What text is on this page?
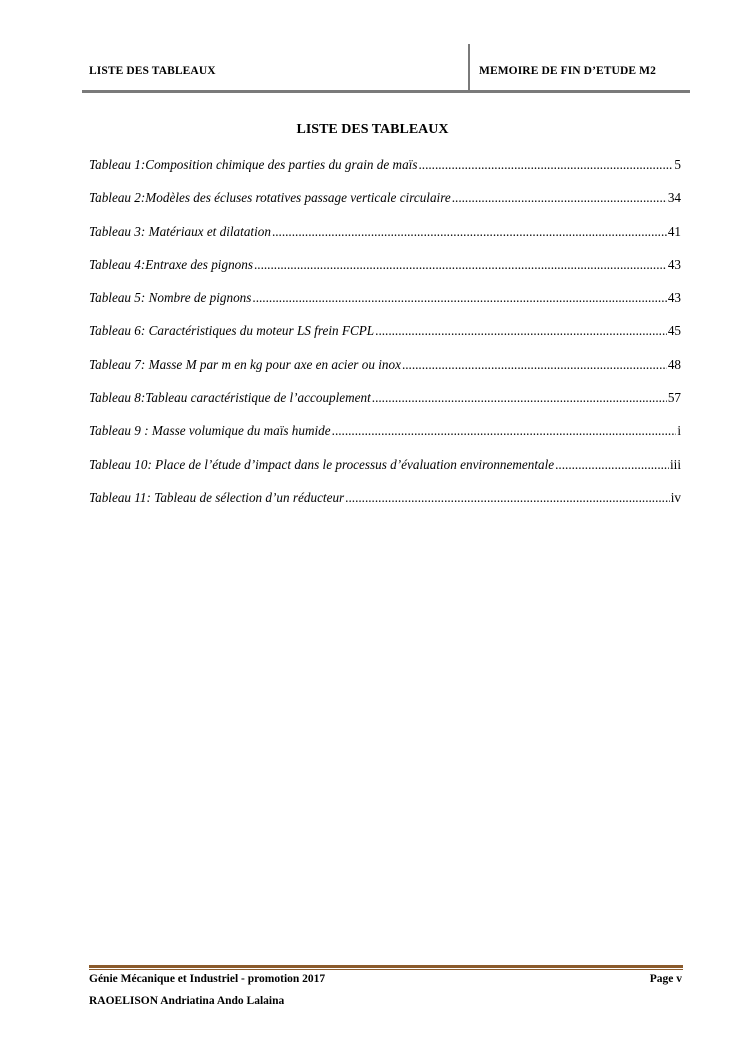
LISTE DES TABLEAUX	MEMOIRE DE FIN D’ETUDE M2
LISTE DES TABLEAUX
Tableau 1:Composition chimique des parties du grain de maïs .....	5
Tableau 2:Modèles des écluses rotatives passage verticale circulaire .....	34
Tableau 3: Matériaux et dilatation .....	41
Tableau 4:Entraxe des pignons .....	43
Tableau 5: Nombre de pignons .....	43
Tableau 6: Caractéristiques du moteur LS frein FCPL .....	45
Tableau 7: Masse M par m en kg pour axe en acier ou inox .....	48
Tableau 8:Tableau caractéristique de l’accouplement .....	57
Tableau 9 : Masse volumique du maïs humide .....	i
Tableau 10: Place de l’étude d’impact dans le processus d’évaluation environnementale .....	iii
Tableau 11: Tableau de sélection d’un réducteur .....	iv
Génie Mécanique et Industriel - promotion 2017	Page v
RAOELISON Andriatina Ando Lalaina
